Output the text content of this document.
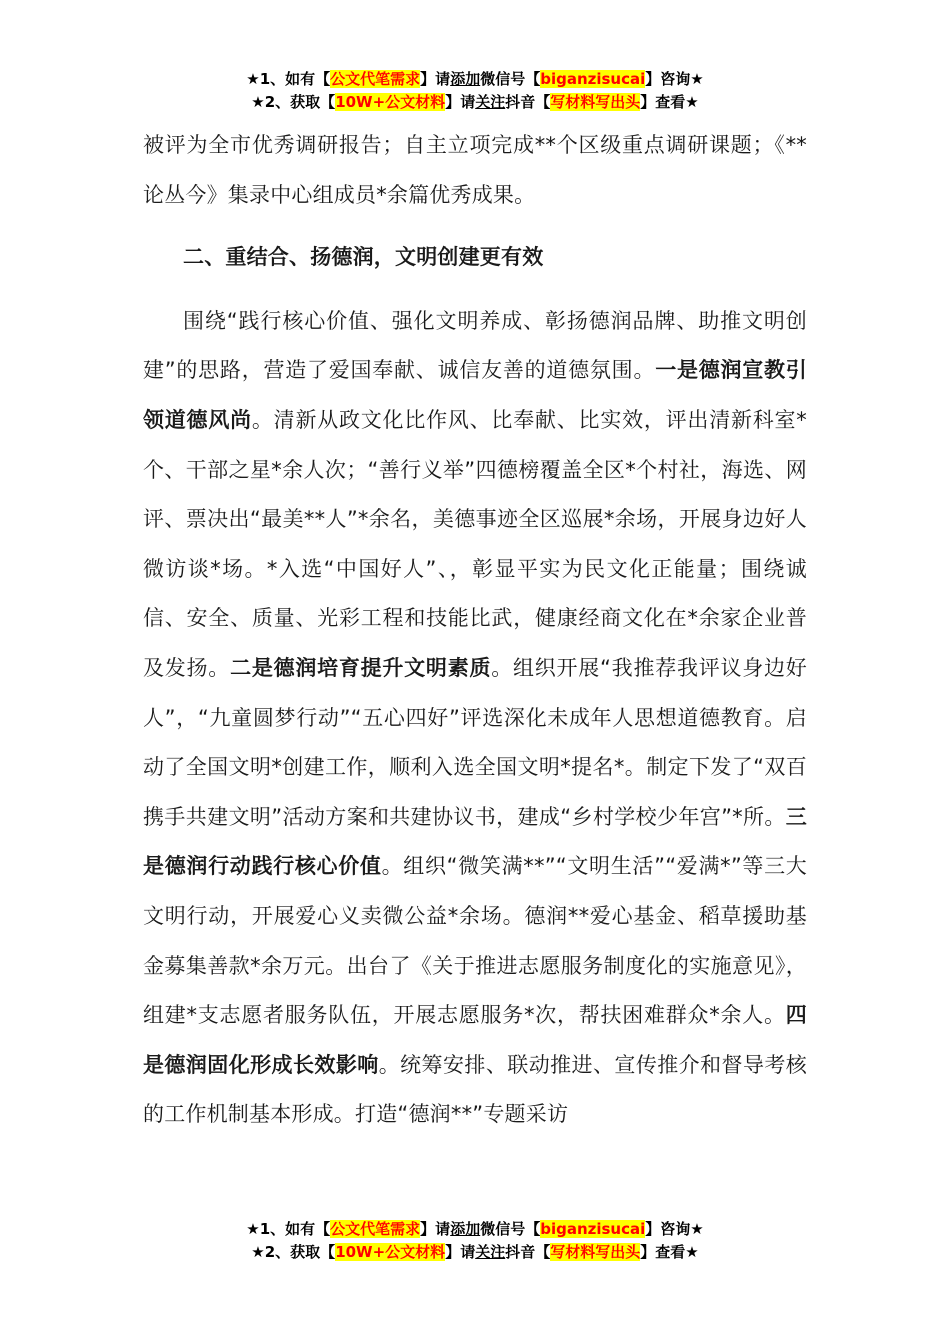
★1、如有【公文代笔需求】请添加微信号【biganzisucai】咨询★
★2、获取【10W+公文材料】请关注抖音【写材料写出头】查看★

被评为全市优秀调研报告；自主立项完成**个区级重点调研课题；《**论丛今》集录中心组成员*余篇优秀成果。

二、重结合、扬德润，文明创建更有效

围绕“践行核心价值、强化文明养成、彰扬德润品牌、助推文明创建”的思路，营造了爱国奉献、诚信友善的道德氛围。一是德润宣教引领道德风尚。清新从政文化比作风、比奉献、比实效，评出清新科室*个、干部之星*余人次；“善行义举”四德榜覆盖全区*个村社，海选、网评、票决出“最美**人”*余名，美德事迹全区巡展*余场，开展身边好人微访谈*场。*入选“中国好人”、，彰显平实为民文化正能量；围绕诚信、安全、质量、光彩工程和技能比武，健康经商文化在*余家企业普及发扬。二是德润培育提升文明素质。组织开展“我推荐我评议身边好人”，“九童圆梦行动”“五心四好”评选深化未成年人思想道德教育。启动了全国文明*创建工作，顺利入选全国文明*提名*。制定下发了“双百携手共建文明”活动方案和共建协议书，建成“乡村学校少年宫”*所。三是德润行动践行核心价值。组织“微笑满**”“文明生活”“爱满*”等三大文明行动，开展爱心义卖微公益*余场。德润**爱心基金、稻草援助基金募集善款*余万元。出台了《关于推进志愿服务制度化的实施意见》，组建*支志愿者服务队伍，开展志愿服务*次，帮扶困难群众*余人。四是德润固化形成长效影响。统筹安排、联动推进、宣传推介和督导考核的工作机制基本形成。打造“德润**”专题采访

★1、如有【公文代笔需求】请添加微信号【biganzisucai】咨询★
★2、获取【10W+公文材料】请关注抖音【写材料写出头】查看★
